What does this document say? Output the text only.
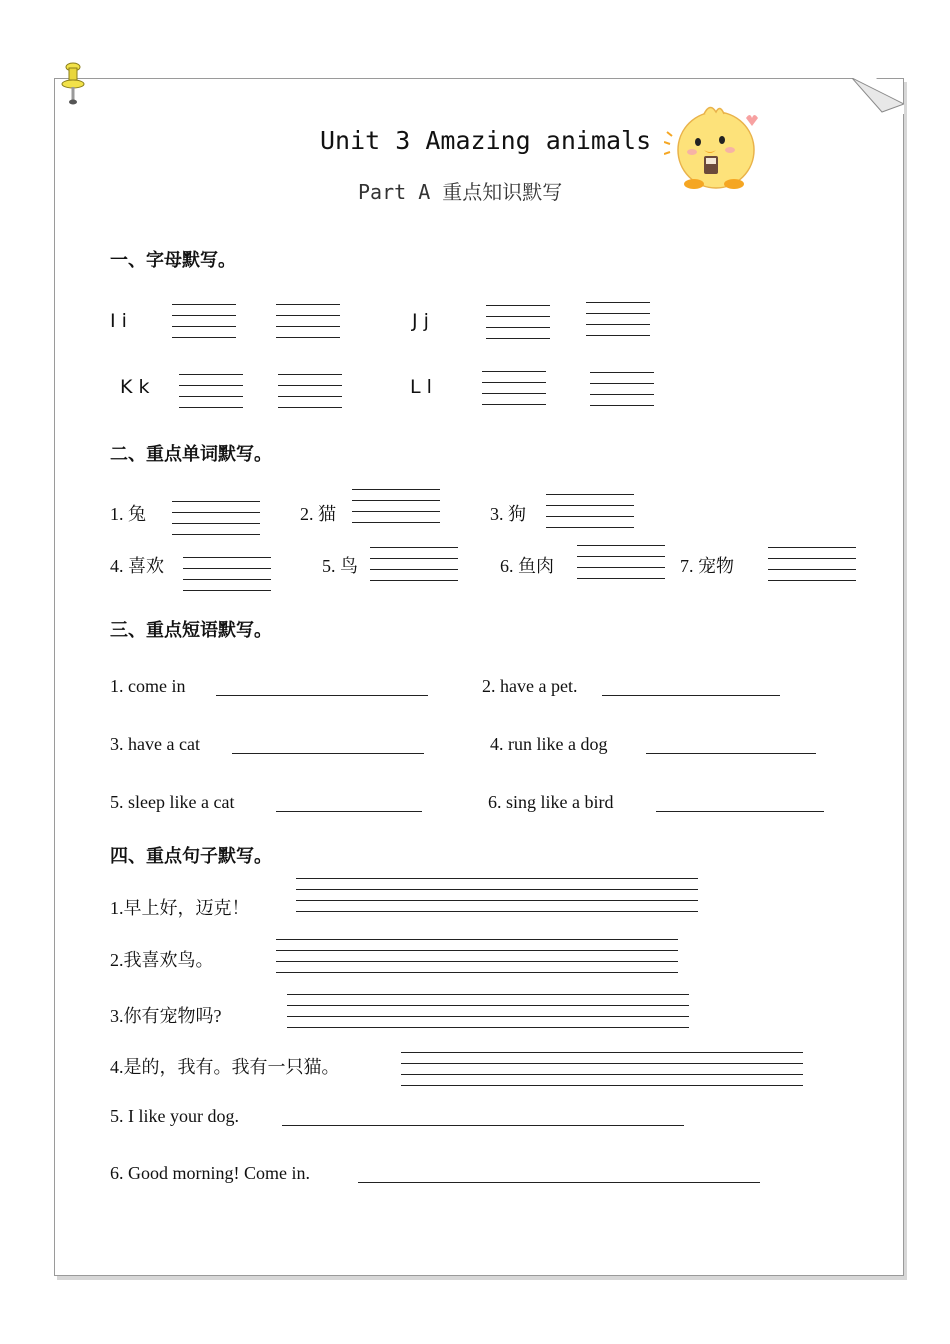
Unit 3 Amazing animals
Part A 重点知识默写
一、字母默写。
I i	J j
K k	L l
二、重点单词默写。
1. 兔	2. 猫	3. 狗
4. 喜欢	5. 鸟	6. 鱼肉	7. 宠物
三、重点短语默写。
1. come in	2. have a pet.
3. have a cat	4. run like a dog
5. sleep like a cat	6. sing like a bird
四、重点句子默写。
1.早上好，迈克！
2.我喜欢鸟。
3.你有宠物吗?
4.是的，我有。我有一只猫。
5. I like your dog.
6. Good morning! Come in.
